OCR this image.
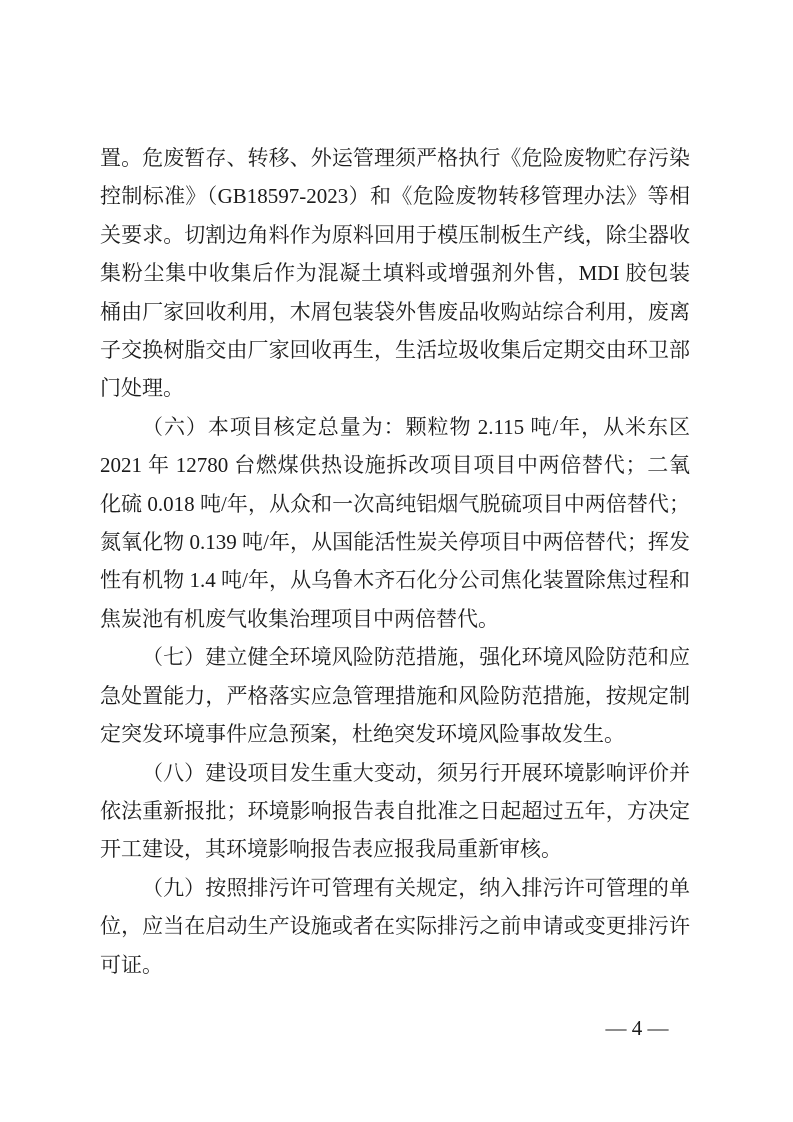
置。危废暂存、转移、外运管理须严格执行《危险废物贮存污染控制标准》（GB18597-2023）和《危险废物转移管理办法》等相关要求。切割边角料作为原料回用于模压制板生产线，除尘器收集粉尘集中收集后作为混凝土填料或增强剂外售，MDI 胶包装桶由厂家回收利用，木屑包装袋外售废品收购站综合利用，废离子交换树脂交由厂家回收再生，生活垃圾收集后定期交由环卫部门处理。

（六）本项目核定总量为：颗粒物 2.115 吨/年，从米东区 2021 年 12780 台燃煤供热设施拆改项目项目中两倍替代；二氧化硫 0.018 吨/年，从众和一次高纯铝烟气脱硫项目中两倍替代；氮氧化物 0.139 吨/年，从国能活性炭关停项目中两倍替代；挥发性有机物 1.4 吨/年，从乌鲁木齐石化分公司焦化装置除焦过程和焦炭池有机废气收集治理项目中两倍替代。

（七）建立健全环境风险防范措施，强化环境风险防范和应急处置能力，严格落实应急管理措施和风险防范措施，按规定制定突发环境事件应急预案，杜绝突发环境风险事故发生。

（八）建设项目发生重大变动，须另行开展环境影响评价并依法重新报批；环境影响报告表自批准之日起超过五年，方决定开工建设，其环境影响报告表应报我局重新审核。

（九）按照排污许可管理有关规定，纳入排污许可管理的单位，应当在启动生产设施或者在实际排污之前申请或变更排污许可证。

— 4 —
